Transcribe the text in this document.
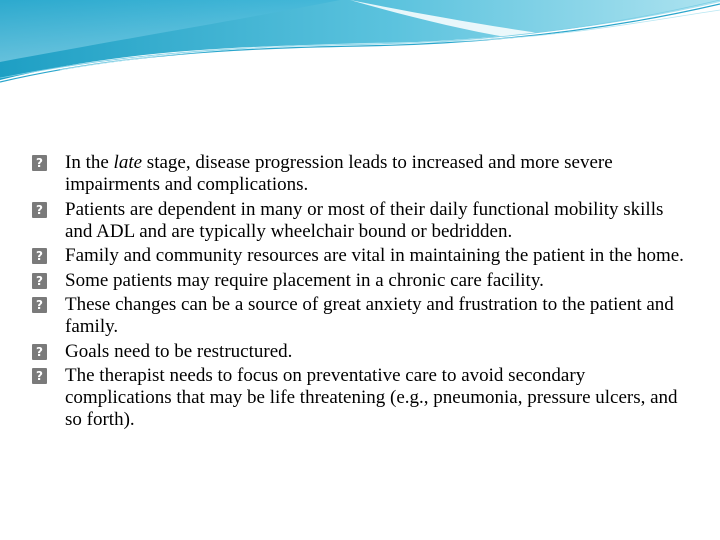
? In the late stage, disease progression leads to increased and more severe impairments and complications.
? Patients are dependent in many or most of their daily functional mobility skills and ADL and are typically wheelchair bound or bedridden.
? Family and community resources are vital in maintaining the patient in the home.
? Some patients may require placement in a chronic care facility.
? These changes can be a source of great anxiety and frustration to the patient and family.
? Goals need to be restructured.
? The therapist needs to focus on preventative care to avoid secondary complications that may be life threatening (e.g., pneumonia, pressure ulcers, and so forth).
